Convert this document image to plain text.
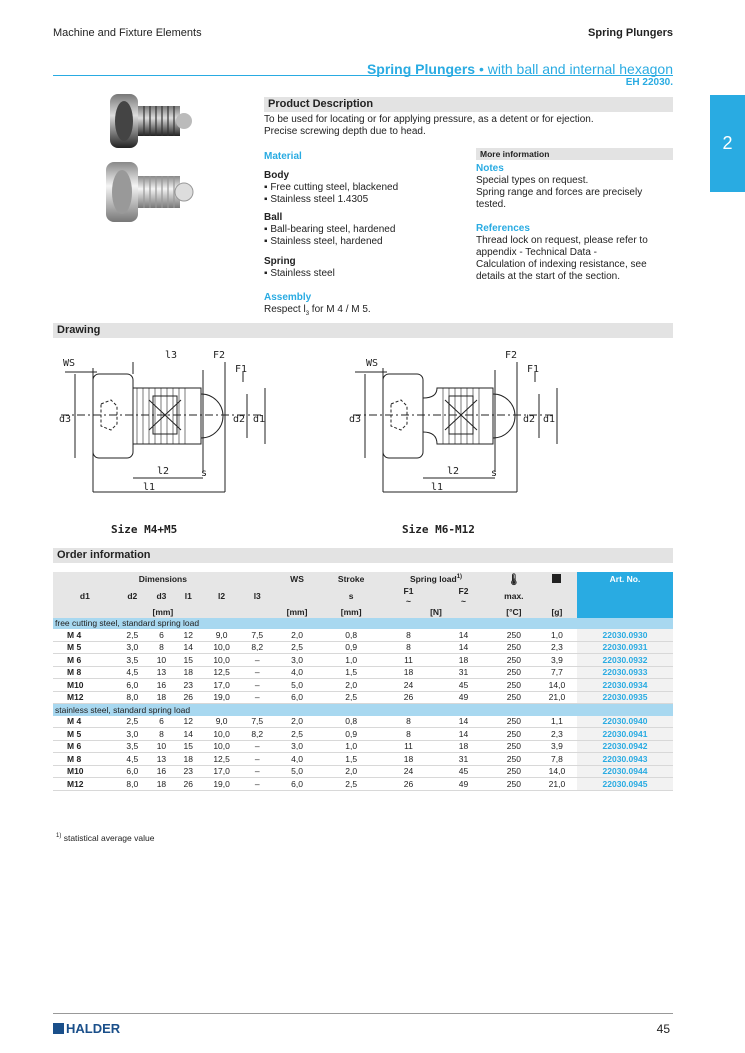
Machine and Fixture Elements	Spring Plungers
Spring Plungers • with ball and internal hexagon
EH 22030.
2
Product Description
To be used for locating or for applying pressure, as a detent or for ejection.
Precise screwing depth due to head.
Material
Body
▪ Free cutting steel, blackened
▪ Stainless steel 1.4305
Ball
▪ Ball-bearing steel, hardened
▪ Stainless steel, hardened
Spring
▪ Stainless steel
Assembly
Respect $l_3$ for M 4 / M 5.
More information
Notes
Special types on request.
Spring range and forces are precisely
tested.
References
Thread lock on request, please refer to
appendix - Technical Data -
Calculation of indexing resistance, see
details at the start of the section.
Drawing
WS
l3	F2
F1
d3	d2 d1
l2	s
l1
WS
F2
F1
d3	d2 d1
l2	s
l1
Size M4+M5	Size M6-M12
Order information
Dimensions						WS	Stroke	Spring load$^{1)}$		🌡		Art. No.
d1	d2	d3	l1	l2	l3		s	F1
~	F2
~	max.		
[mm]						[mm]	[mm]	[N]		[°C]	[g]	
free cutting steel, standard spring load												
M 4	2,5	6	12	9,0	7,5	2,0	0,8	8	14	250	1,0	22030.0930
M 5	3,0	8	14	10,0	8,2	2,5	0,9	8	14	250	2,3	22030.0931
M 6	3,5	10	15	10,0	–	3,0	1,0	11	18	250	3,9	22030.0932
M 8	4,5	13	18	12,5	–	4,0	1,5	18	31	250	7,7	22030.0933
M10	6,0	16	23	17,0	–	5,0	2,0	24	45	250	14,0	22030.0934
M12	8,0	18	26	19,0	–	6,0	2,5	26	49	250	21,0	22030.0935
stainless steel, standard spring load												
M 4	2,5	6	12	9,0	7,5	2,0	0,8	8	14	250	1,1	22030.0940
M 5	3,0	8	14	10,0	8,2	2,5	0,9	8	14	250	2,3	22030.0941
M 6	3,5	10	15	10,0	–	3,0	1,0	11	18	250	3,9	22030.0942
M 8	4,5	13	18	12,5	–	4,0	1,5	18	31	250	7,8	22030.0943
M10	6,0	16	23	17,0	–	5,0	2,0	24	45	250	14,0	22030.0944
M12	8,0	18	26	19,0	–	6,0	2,5	26	49	250	21,0	22030.0945
$^{1)}$ statistical average value
HALDER	45
